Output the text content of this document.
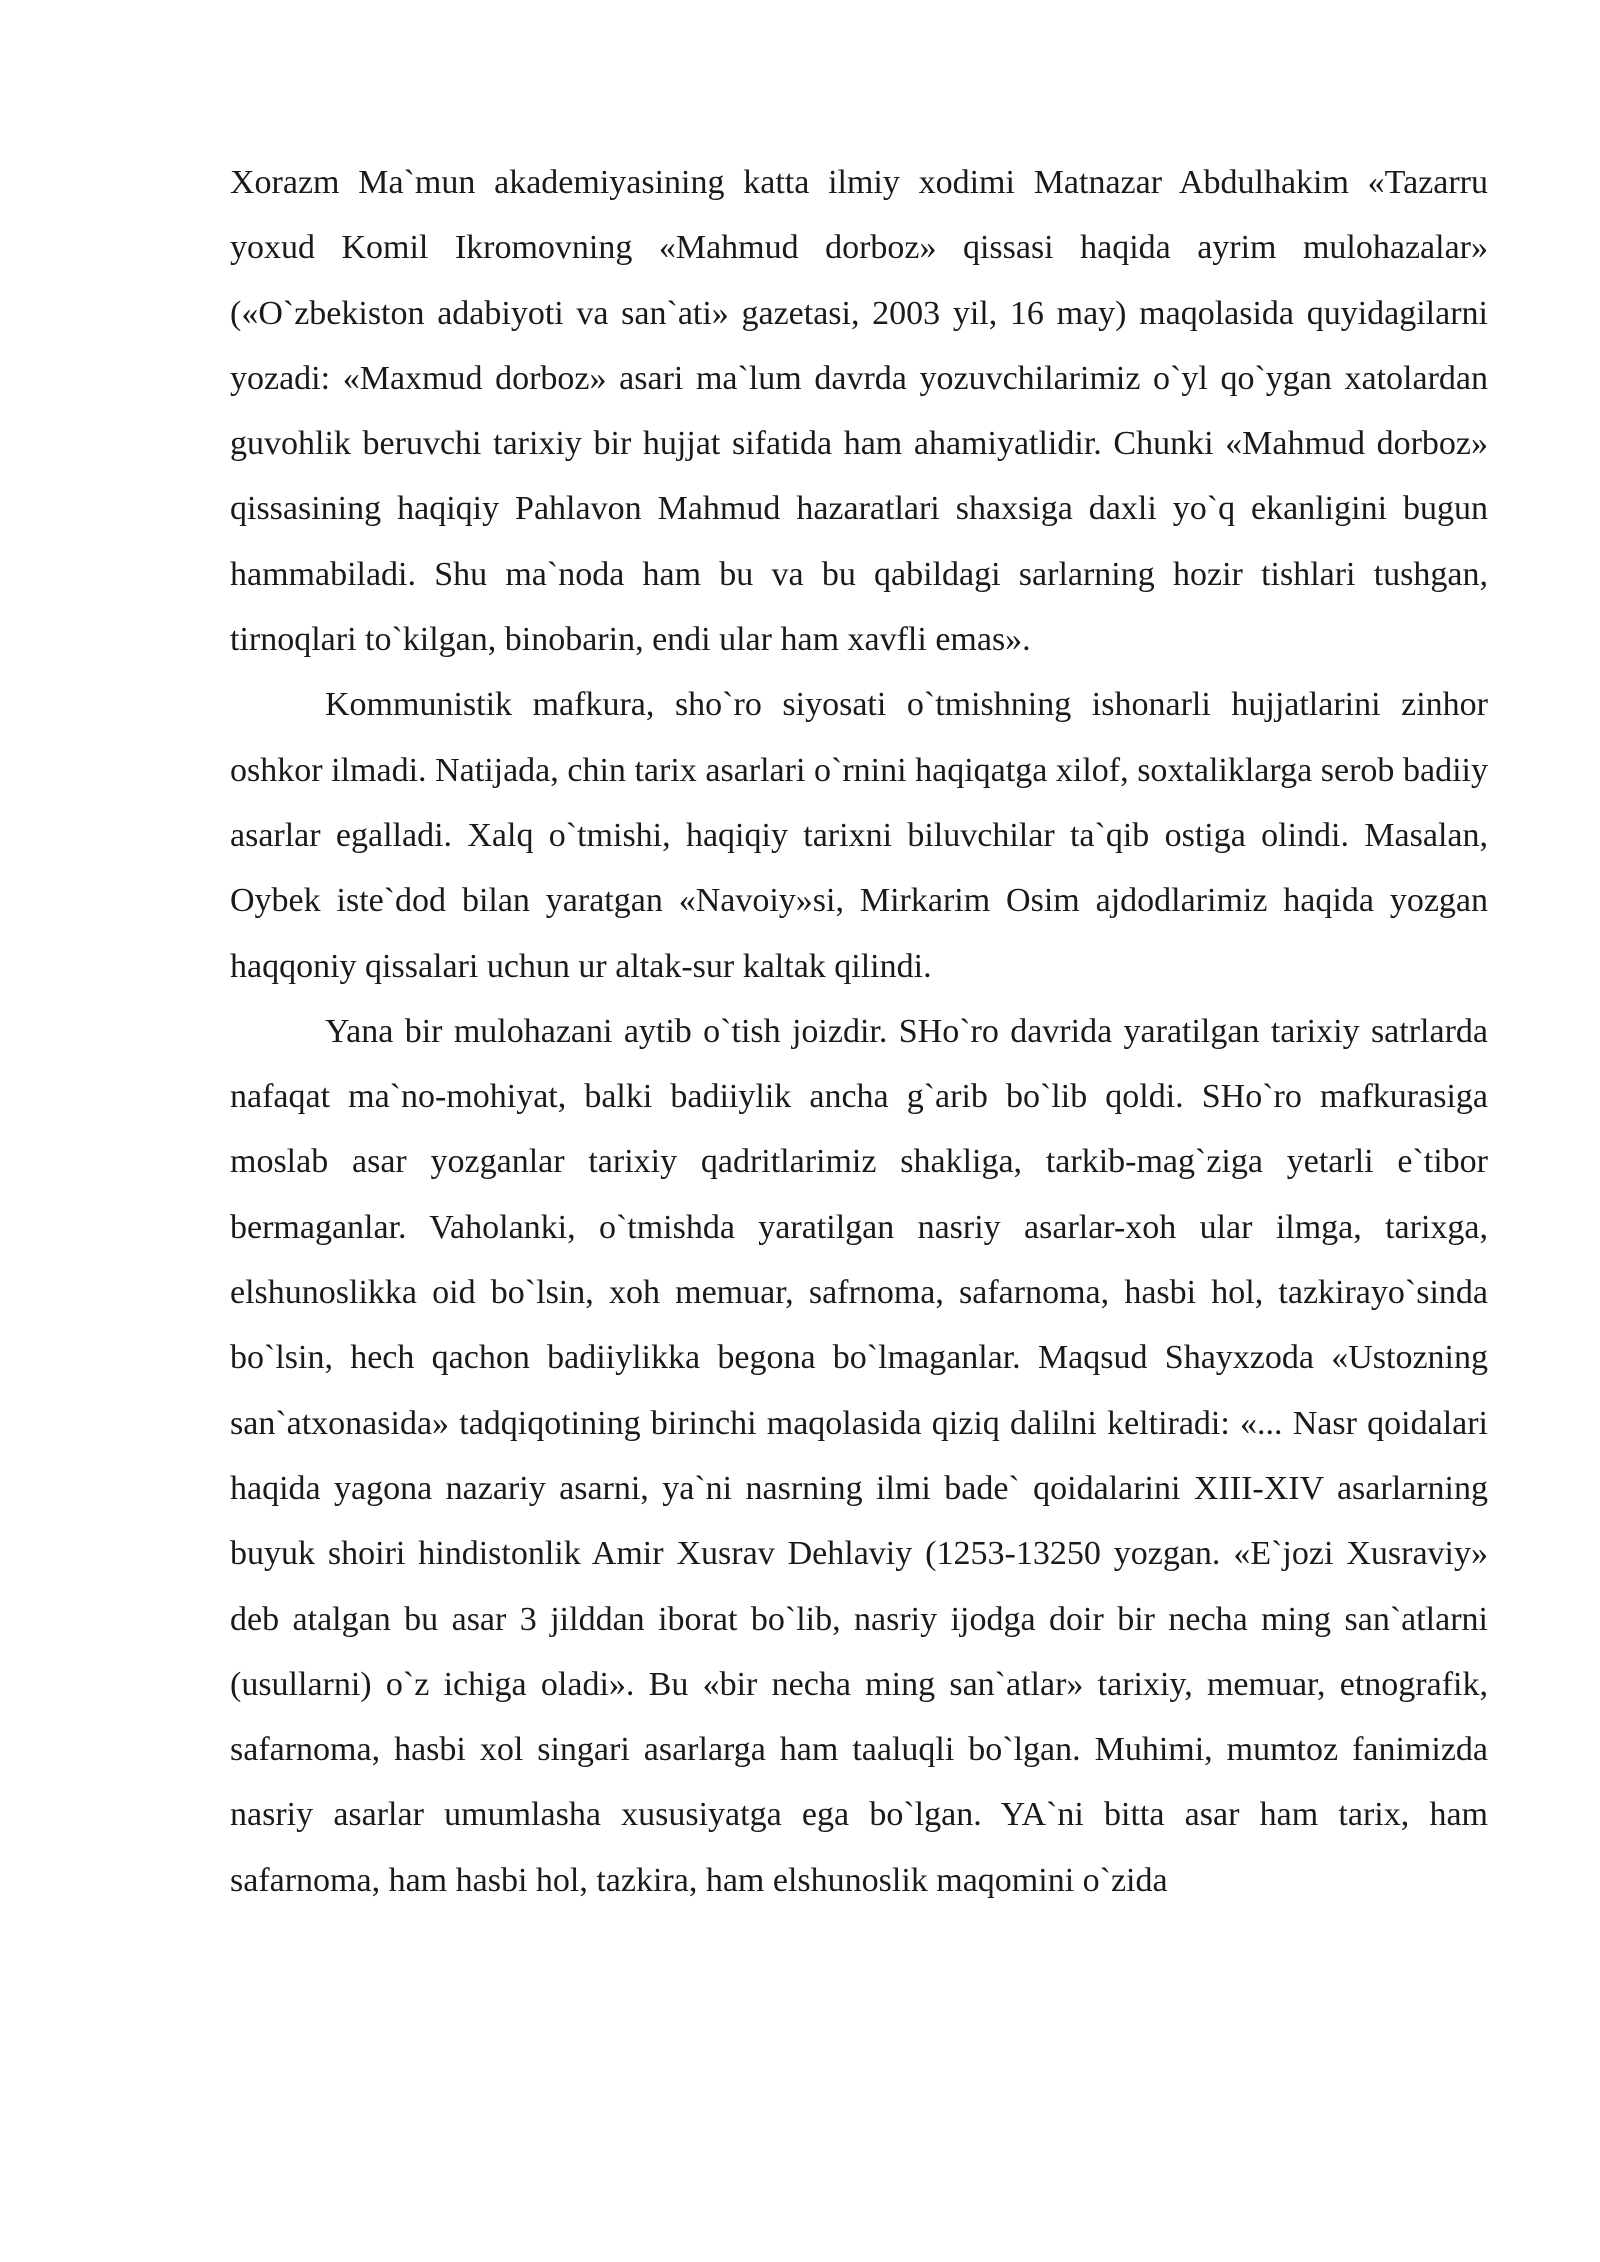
Xorazm Ma`mun akademiyasining katta ilmiy xodimi Matnazar Abdulhakim «Tazarru yoxud Komil Ikromovning «Mahmud dorboz» qissasi haqida ayrim mulohazalar» («O`zbekiston adabiyoti va san`ati» gazetasi, 2003 yil, 16 may) maqolasida quyidagilarni yozadi: «Maxmud dorboz» asari ma`lum davrda yozuvchilarimiz o`yl qo`ygan xatolardan guvohlik beruvchi tarixiy bir hujjat sifatida ham ahamiyatlidir. Chunki «Mahmud dorboz» qissasining haqiqiy Pahlavon Mahmud hazaratlari shaxsiga daxli yo`q ekanligini bugun hammabiladi. Shu ma`noda ham bu va bu qabildagi sarlarning hozir tishlari tushgan, tirnoqlari to`kilgan, binobarin, endi ular ham xavfli emas».

Kommunistik mafkura, sho`ro siyosati o`tmishning ishonarli hujjatlarini zinhor oshkor ilmadi. Natijada, chin tarix asarlari o`rnini haqiqatga xilof, soxtaliklarga serob badiiy asarlar egalladi. Xalq o`tmishi, haqiqiy tarixni biluvchilar ta`qib ostiga olindi. Masalan, Oybek iste`dod bilan yaratgan «Navoiy»si, Mirkarim Osim ajdodlarimiz haqida yozgan haqqoniy qissalari uchun ur altak-sur kaltak qilindi.

Yana bir mulohazani aytib o`tish joizdir. SHo`ro davrida yaratilgan tarixiy satrlarda nafaqat ma`no-mohiyat, balki badiiylik ancha g`arib bo`lib qoldi. SHo`ro mafkurasiga moslab asar yozganlar tarixiy qadritlarimiz shakliga, tarkib-mag`ziga yetarli e`tibor bermaganlar. Vaholanki, o`tmishda yaratilgan nasriy asarlar-xoh ular ilmga, tarixga, elshunoslikka oid bo`lsin, xoh memuar, safrnoma, safarnoma, hasbi hol, tazkirayo`sinda bo`lsin, hech qachon badiiylikka begona bo`lmaganlar. Maqsud Shayxzoda «Ustozning san`atxonasida» tadqiqotining birinchi maqolasida qiziq dalilni keltiradi: «... Nasr qoidalari haqida yagona nazariy asarni, ya`ni nasrning ilmi bade` qoidalarini XIII-XIV asarlarning buyuk shoiri hindistonlik Amir Xusrav Dehlaviy (1253-13250 yozgan. «E`jozi Xusraviy» deb atalgan bu asar 3 jilddan iborat bo`lib, nasriy ijodga doir bir necha ming san`atlarni (usullarni) o`z ichiga oladi». Bu «bir necha ming san`atlar» tarixiy, memuar, etnografik, safarnoma, hasbi xol singari asarlarga ham taaluqli bo`lgan. Muhimi, mumtoz fanimizda nasriy asarlar umumlasha xususiyatga ega bo`lgan. YA`ni bitta asar ham tarix, ham safarnoma, ham hasbi hol, tazkira, ham elshunoslik maqomini o`zida
